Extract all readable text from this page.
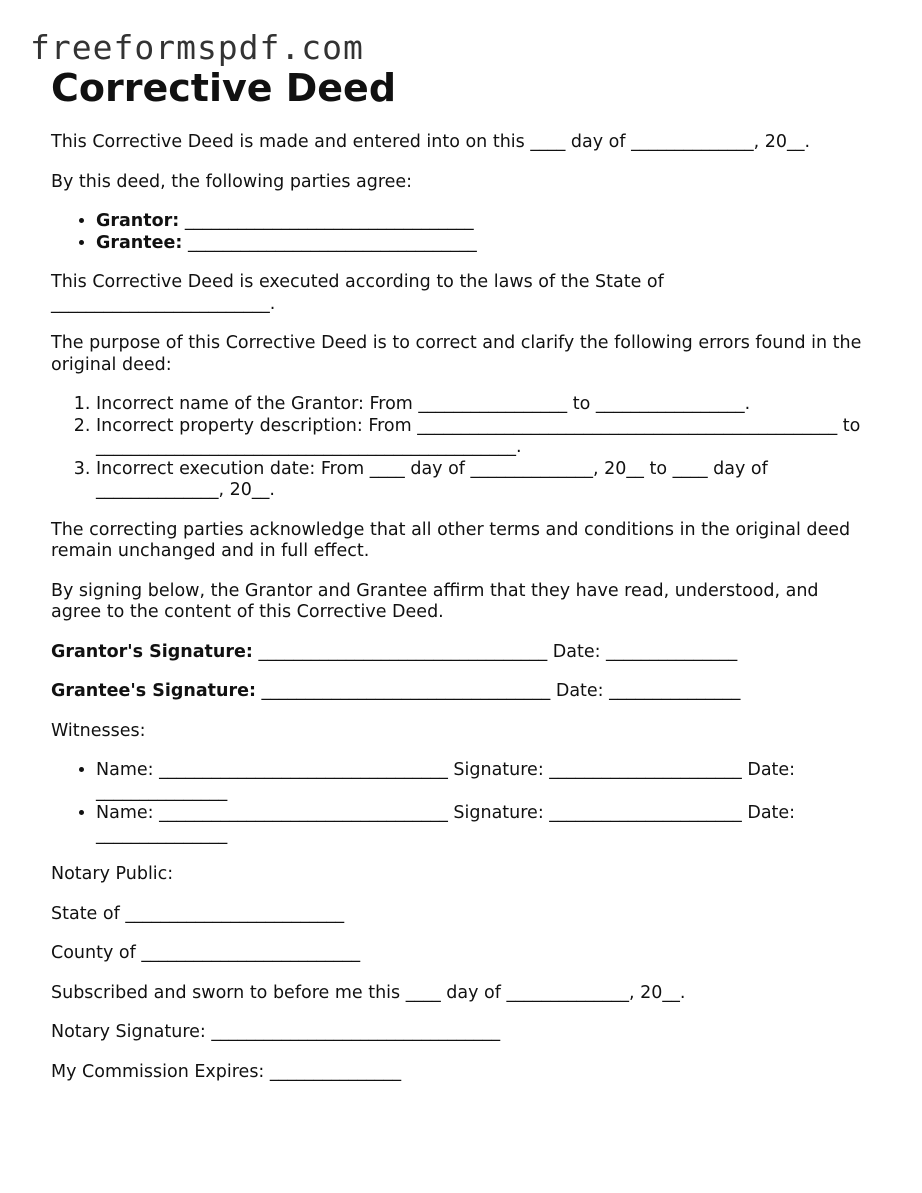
freeformspdf.com
Corrective Deed

This Corrective Deed is made and entered into on this ____ day of ______________, 20__.

By this deed, the following parties agree:

• Grantor: _________________________________
• Grantee: _________________________________

This Corrective Deed is executed according to the laws of the State of _________________________.

The purpose of this Corrective Deed is to correct and clarify the following errors found in the original deed:

1. Incorrect name of the Grantor: From _________________ to _________________.
2. Incorrect property description: From ________________________________________________ to ________________________________________________.
3. Incorrect execution date: From ____ day of ______________, 20__ to ____ day of ______________, 20__.

The correcting parties acknowledge that all other terms and conditions in the original deed remain unchanged and in full effect.

By signing below, the Grantor and Grantee affirm that they have read, understood, and agree to the content of this Corrective Deed.

Grantor's Signature: _________________________________ Date: _______________

Grantee's Signature: _________________________________ Date: _______________

Witnesses:

• Name: _________________________________ Signature: ______________________ Date: _______________
• Name: _________________________________ Signature: ______________________ Date: _______________

Notary Public:

State of _________________________

County of _________________________

Subscribed and sworn to before me this ____ day of ______________, 20__.

Notary Signature: _________________________________

My Commission Expires: _______________
